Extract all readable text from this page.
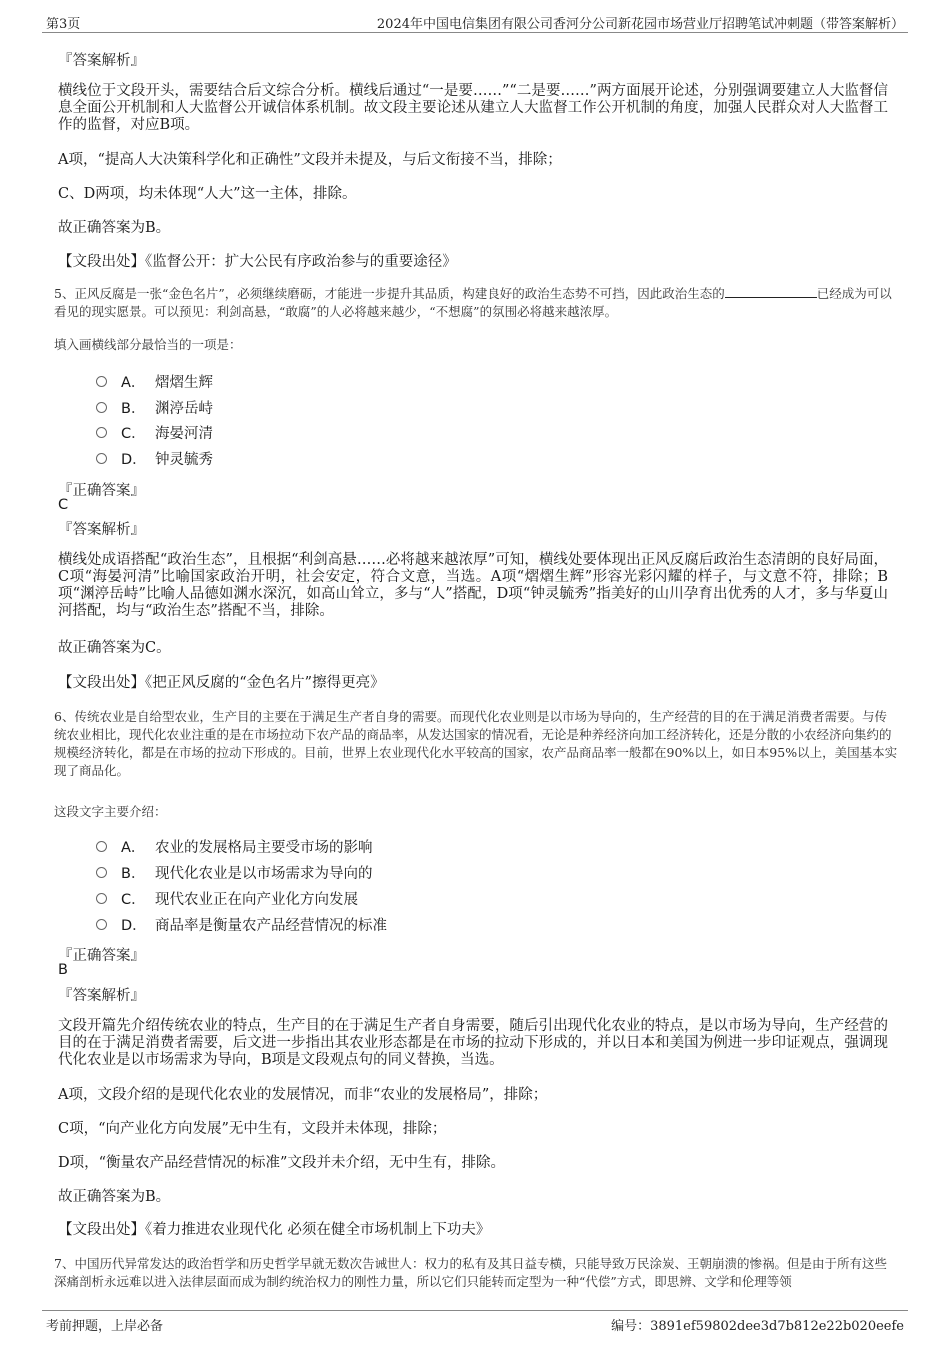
第3页	2024年中国电信集团有限公司香河分公司新花园市场营业厅招聘笔试冲刺题（带答案解析）
『答案解析』
横线位于文段开头，需要结合后文综合分析。横线后通过“一是要……”“二是要……”两方面展开论述，分别强调要建立人大监督信息全面公开机制和人大监督公开诚信体系机制。故文段主要论述从建立人大监督工作公开机制的角度，加强人民群众对人大监督工作的监督，对应B项。
A项，“提高人大决策科学化和正确性”文段并未提及，与后文衔接不当，排除；
C、D两项，均未体现“人大”这一主体，排除。
故正确答案为B。
【文段出处】《监督公开：扩大公民有序政治参与的重要途径》
5、正风反腐是一张“金色名片”，必须继续磨砺，才能进一步提升其品质，构建良好的政治生态势不可挡，因此政治生态的	已经成为可以看见的现实愿景。可以预见：利剑高悬，“敢腐”的人必将越来越少，“不想腐”的氛围必将越来越浓厚。
填入画横线部分最恰当的一项是：
A． 熠熠生辉
B． 渊渟岳峙
C． 海晏河清
D． 钟灵毓秀
『正确答案』
C
『答案解析』
横线处成语搭配“政治生态”，且根据“利剑高悬……必将越来越浓厚”可知，横线处要体现出正风反腐后政治生态清朗的良好局面，C项“海晏河清”比喻国家政治开明，社会安定，符合文意，当选。A项“熠熠生辉”形容光彩闪耀的样子，与文意不符，排除；B项“渊渟岳峙”比喻人品德如渊水深沉，如高山耸立，多与“人”搭配，D项“钟灵毓秀”指美好的山川孕育出优秀的人才，多与华夏山河搭配，均与“政治生态”搭配不当，排除。
故正确答案为C。
【文段出处】《把正风反腐的“金色名片”擦得更亮》
6、传统农业是自给型农业，生产目的主要在于满足生产者自身的需要。而现代化农业则是以市场为导向的，生产经营的目的在于满足消费者需要。与传统农业相比，现代化农业注重的是在市场拉动下农产品的商品率，从发达国家的情况看，无论是种养经济向加工经济转化，还是分散的小农经济向集约的规模经济转化，都是在市场的拉动下形成的。目前，世界上农业现代化水平较高的国家，农产品商品率一般都在90%以上，如日本95%以上，美国基本实现了商品化。
这段文字主要介绍：
A． 农业的发展格局主要受市场的影响
B． 现代化农业是以市场需求为导向的
C． 现代农业正在向产业化方向发展
D． 商品率是衡量农产品经营情况的标准
『正确答案』
B
『答案解析』
文段开篇先介绍传统农业的特点，生产目的在于满足生产者自身需要，随后引出现代化农业的特点，是以市场为导向，生产经营的目的在于满足消费者需要，后文进一步指出其农业形态都是在市场的拉动下形成的，并以日本和美国为例进一步印证观点，强调现代化农业是以市场需求为导向，B项是文段观点句的同义替换，当选。
A项，文段介绍的是现代化农业的发展情况，而非“农业的发展格局”，排除；
C项，“向产业化方向发展”无中生有，文段并未体现，排除；
D项，“衡量农产品经营情况的标准”文段并未介绍，无中生有，排除。
故正确答案为B。
【文段出处】《着力推进农业现代化 必须在健全市场机制上下功夫》
7、中国历代异常发达的政治哲学和历史哲学早就无数次告诫世人：权力的私有及其日益专横，只能导致万民涂炭、王朝崩溃的惨祸。但是由于所有这些深痛剖析永远难以进入法律层面而成为制约统治权力的刚性力量，所以它们只能转而定型为一种“代偿”方式，即思辨、文学和伦理等领
考前押题，上岸必备	编号：3891ef59802dee3d7b812e22b020eefe
